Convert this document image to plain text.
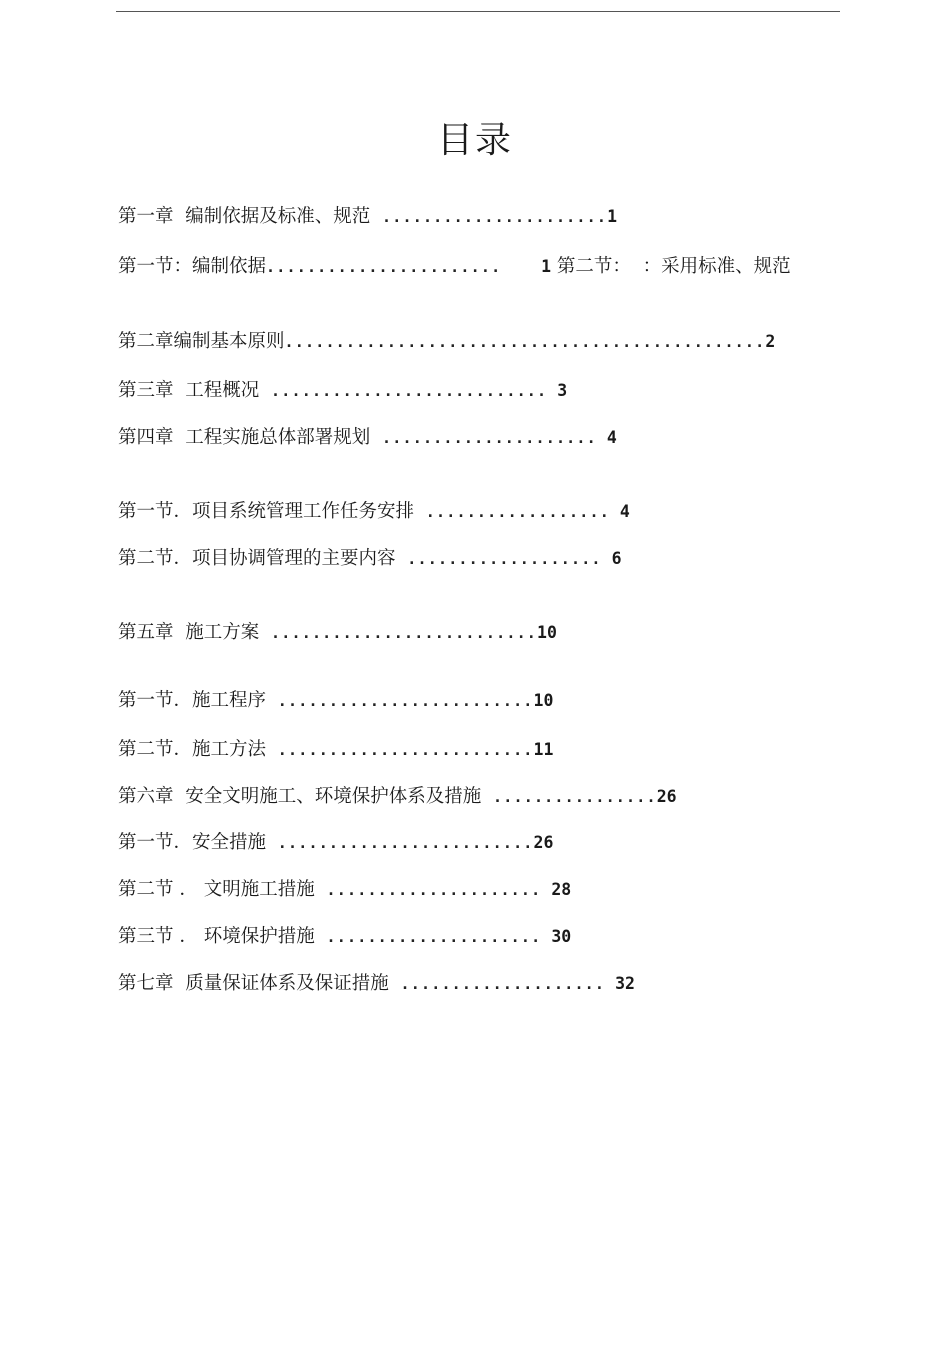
目录
第一章  编制依据及标准、规范  ......................1
第一节：编制依据.......................    1 第二节：  ：采用标准、规范
第二章编制基本原则...............................................2
第三章  工程概况  ........................... 3
第四章  工程实施总体部署规划  ..................... 4
第一节．项目系统管理工作任务安排  .................. 4
第二节．项目协调管理的主要内容  ................... 6
第五章  施工方案  ..........................10
第一节．施工程序  .........................10
第二节．施工方法  .........................11
第六章  安全文明施工、环境保护体系及措施  ................26
第一节．安全措施  .........................26
第二节 ． 文明施工措施  ..................... 28
第三节 ． 环境保护措施  ..................... 30
第七章  质量保证体系及保证措施  .................... 32
